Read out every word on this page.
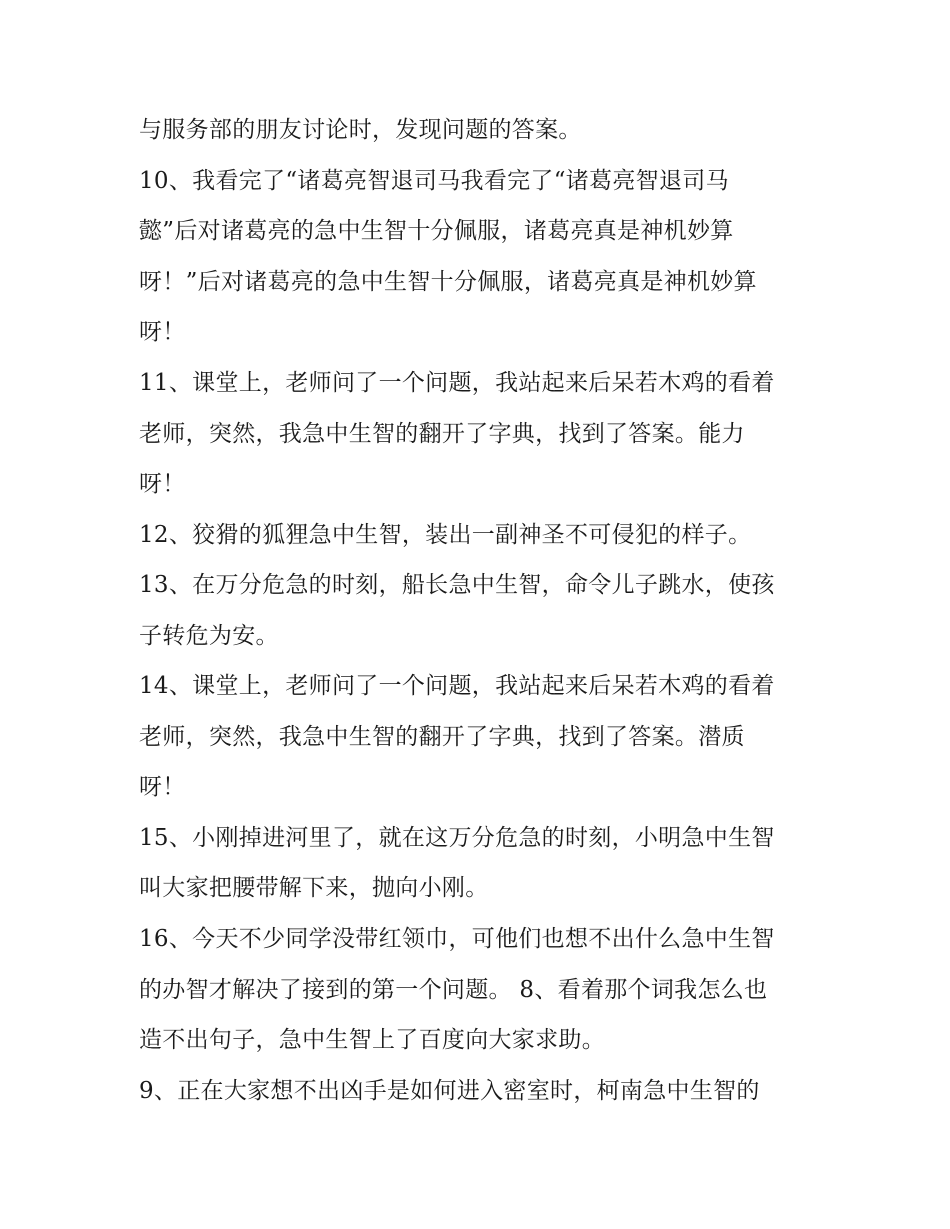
与服务部的朋友讨论时，发现问题的答案。
10、我看完了“诸葛亮智退司马我看完了“诸葛亮智退司马
懿”后对诸葛亮的急中生智十分佩服，诸葛亮真是神机妙算
呀！”后对诸葛亮的急中生智十分佩服，诸葛亮真是神机妙算
呀！
11、课堂上，老师问了一个问题，我站起来后呆若木鸡的看着
老师，突然，我急中生智的翻开了字典，找到了答案。能力
呀！
12、狡猾的狐狸急中生智，装出一副神圣不可侵犯的样子。
13、在万分危急的时刻，船长急中生智，命令儿子跳水，使孩
子转危为安。
14、课堂上，老师问了一个问题，我站起来后呆若木鸡的看着
老师，突然，我急中生智的翻开了字典，找到了答案。潜质
呀！
15、小刚掉进河里了，就在这万分危急的时刻，小明急中生智
叫大家把腰带解下来，抛向小刚。
16、今天不少同学没带红领巾，可他们也想不出什么急中生智
的办智才解决了接到的第一个问题。 8、看着那个词我怎么也
造不出句子，急中生智上了百度向大家求助。
9、正在大家想不出凶手是如何进入密室时，柯南急中生智的
